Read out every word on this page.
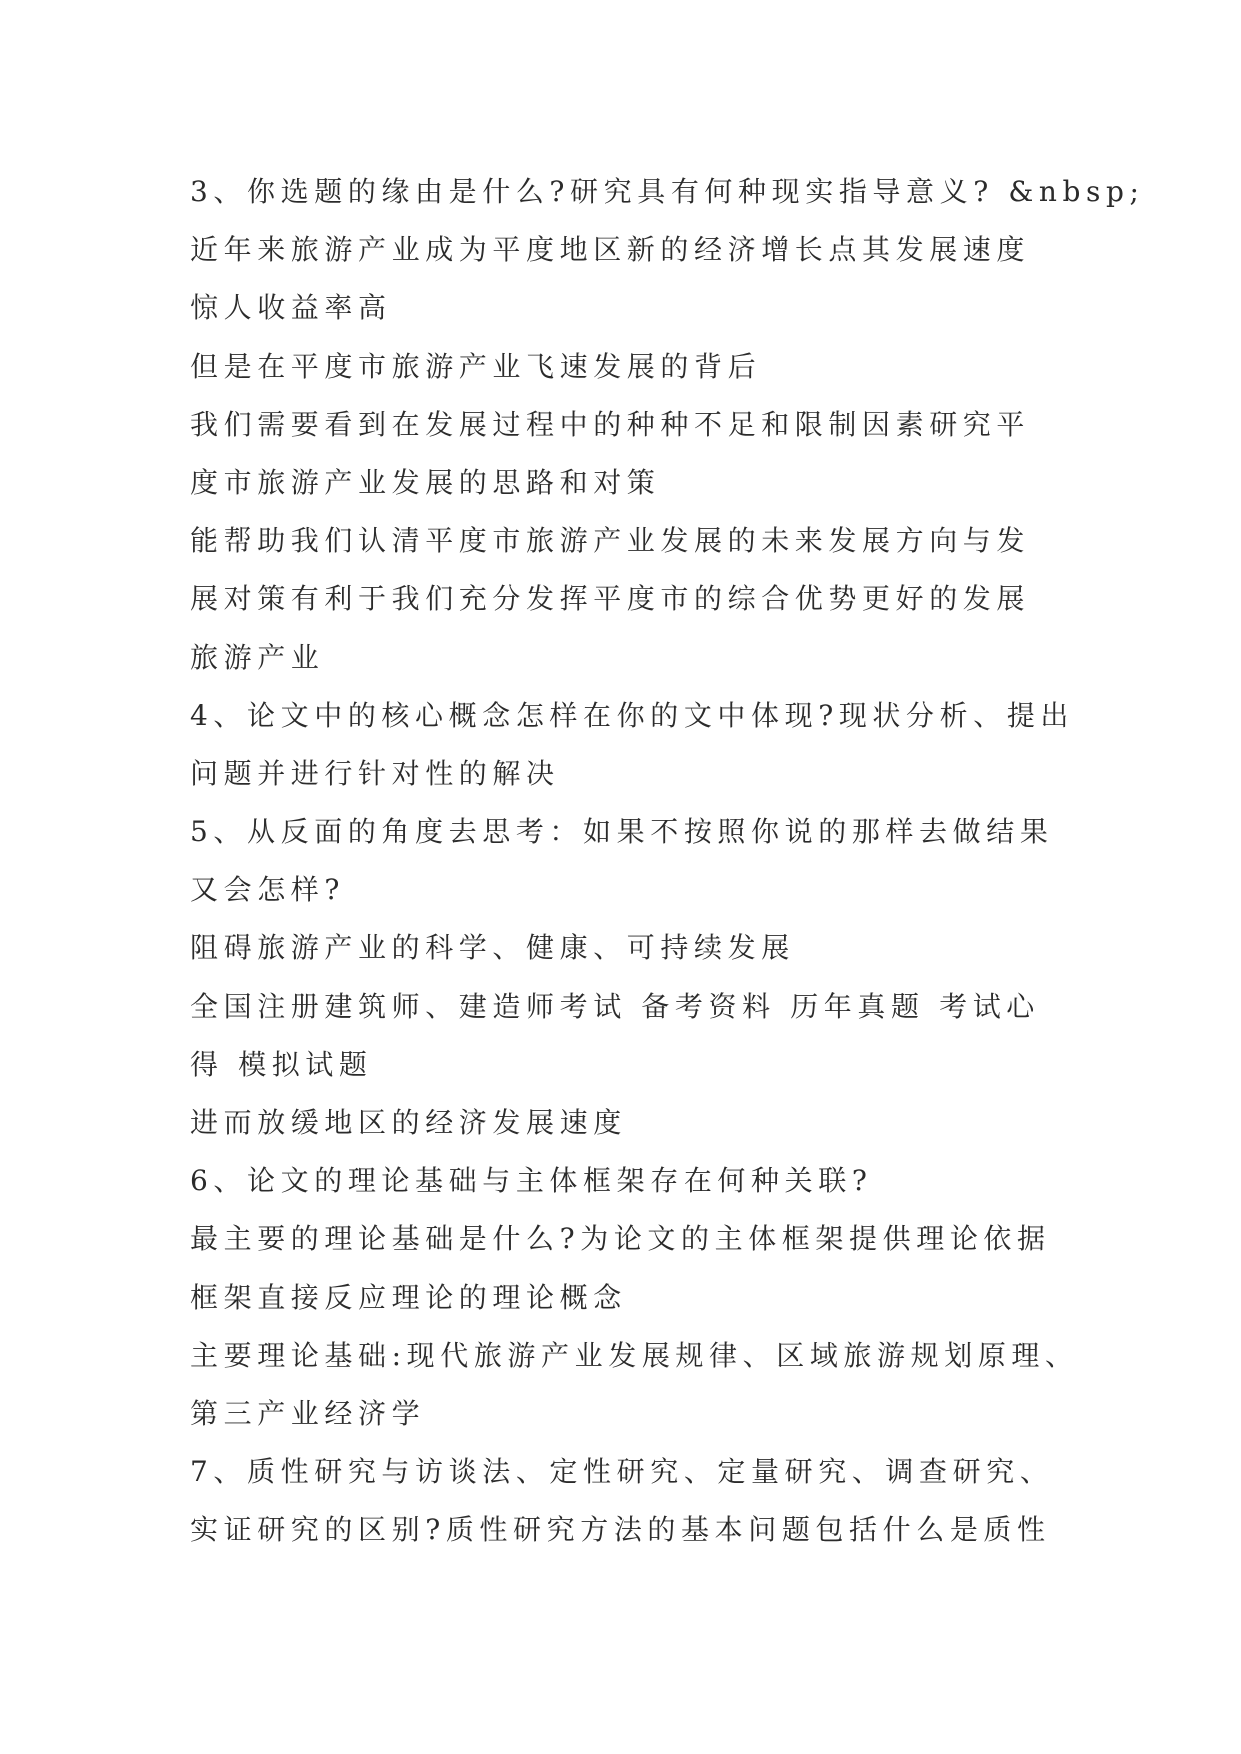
3、你选题的缘由是什么?研究具有何种现实指导意义? &nbsp;

近年来旅游产业成为平度地区新的经济增长点其发展速度

惊人收益率高

但是在平度市旅游产业飞速发展的背后

我们需要看到在发展过程中的种种不足和限制因素研究平

度市旅游产业发展的思路和对策

能帮助我们认清平度市旅游产业发展的未来发展方向与发

展对策有利于我们充分发挥平度市的综合优势更好的发展

旅游产业

4、论文中的核心概念怎样在你的文中体现?现状分析、提出

问题并进行针对性的解决

5、从反面的角度去思考：如果不按照你说的那样去做结果

又会怎样?

阻碍旅游产业的科学、健康、可持续发展

全国注册建筑师、建造师考试 备考资料 历年真题 考试心

得 模拟试题

进而放缓地区的经济发展速度

6、论文的理论基础与主体框架存在何种关联?

最主要的理论基础是什么?为论文的主体框架提供理论依据

框架直接反应理论的理论概念

主要理论基础:现代旅游产业发展规律、区域旅游规划原理、

第三产业经济学

7、质性研究与访谈法、定性研究、定量研究、调查研究、

实证研究的区别?质性研究方法的基本问题包括什么是质性
